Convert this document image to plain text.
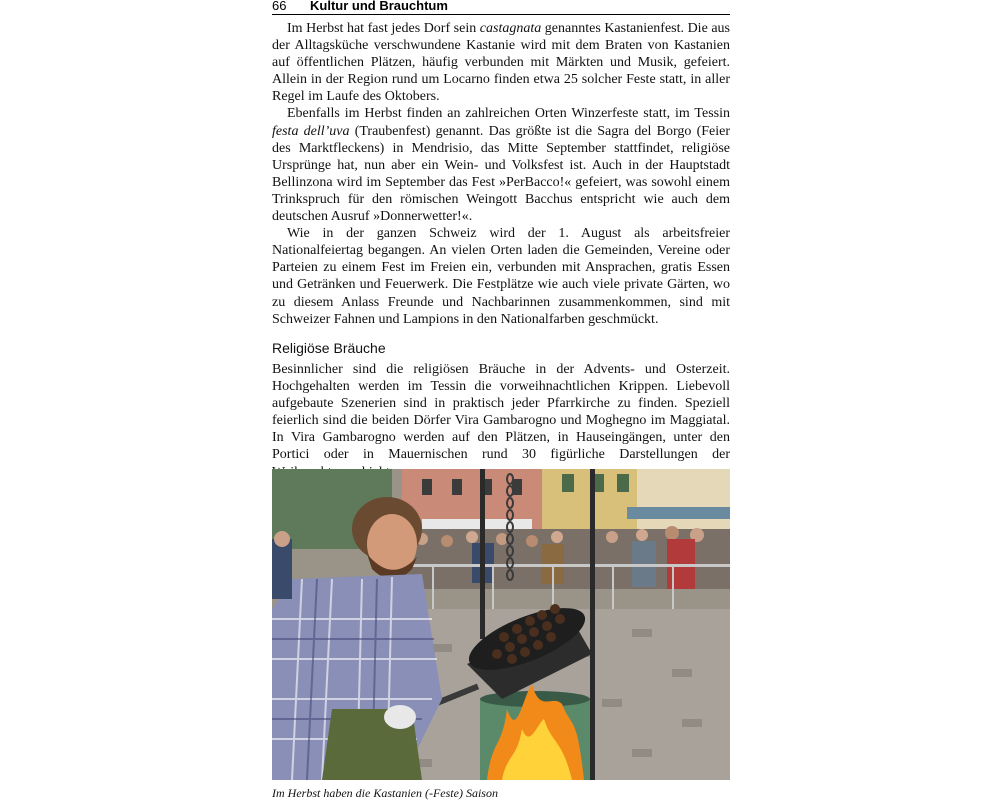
66 Kultur und Brauchtum

Im Herbst hat fast jedes Dorf sein castagnata genanntes Kastanienfest. Die aus der Alltagsküche verschwundene Kastanie wird mit dem Braten von Kastanien auf öffentlichen Plätzen, häufig verbunden mit Märkten und Musik, gefeiert. Allein in der Region rund um Locarno finden etwa 25 solcher Feste statt, in aller Regel im Laufe des Oktobers.

Ebenfalls im Herbst finden an zahlreichen Orten Winzerfeste statt, im Tessin festa dell’uva (Traubenfest) genannt. Das größte ist die Sagra del Borgo (Feier des Marktfleckens) in Mendrisio, das Mitte September stattfindet, religiöse Ursprünge hat, nun aber ein Wein- und Volksfest ist. Auch in der Hauptstadt Bellinzona wird im September das Fest »PerBacco!« gefeiert, was sowohl einem Trinkspruch für den römischen Weingott Bacchus entspricht wie auch dem deutschen Ausruf »Donnerwetter!«.

Wie in der ganzen Schweiz wird der 1. August als arbeitsfreier Nationalfeiertag begangen. An vielen Orten laden die Gemeinden, Vereine oder Parteien zu einem Fest im Freien ein, verbunden mit Ansprachen, gratis Essen und Getränken und Feuerwerk. Die Festplätze wie auch viele private Gärten, wo zu diesem Anlass Freunde und Nachbarinnen zusammenkommen, sind mit Schweizer Fahnen und Lampions in den Nationalfarben geschmückt.

Religiöse Bräuche

Besinnlicher sind die religiösen Bräuche in der Advents- und Osterzeit. Hochgehalten werden im Tessin die vorweihnachtlichen Krippen. Liebevoll aufgebaute Szenerien sind in praktisch jeder Pfarrkirche zu finden. Speziell feierlich sind die beiden Dörfer Vira Gambarogno und Moghegno im Maggiatal. In Vira Gambarogno werden auf den Plätzen, in Hauseingängen, unter den Portici oder in Mauernischen rund 30 figürliche Darstellungen der

Im Herbst haben die Kastanien (-Feste) Saison
